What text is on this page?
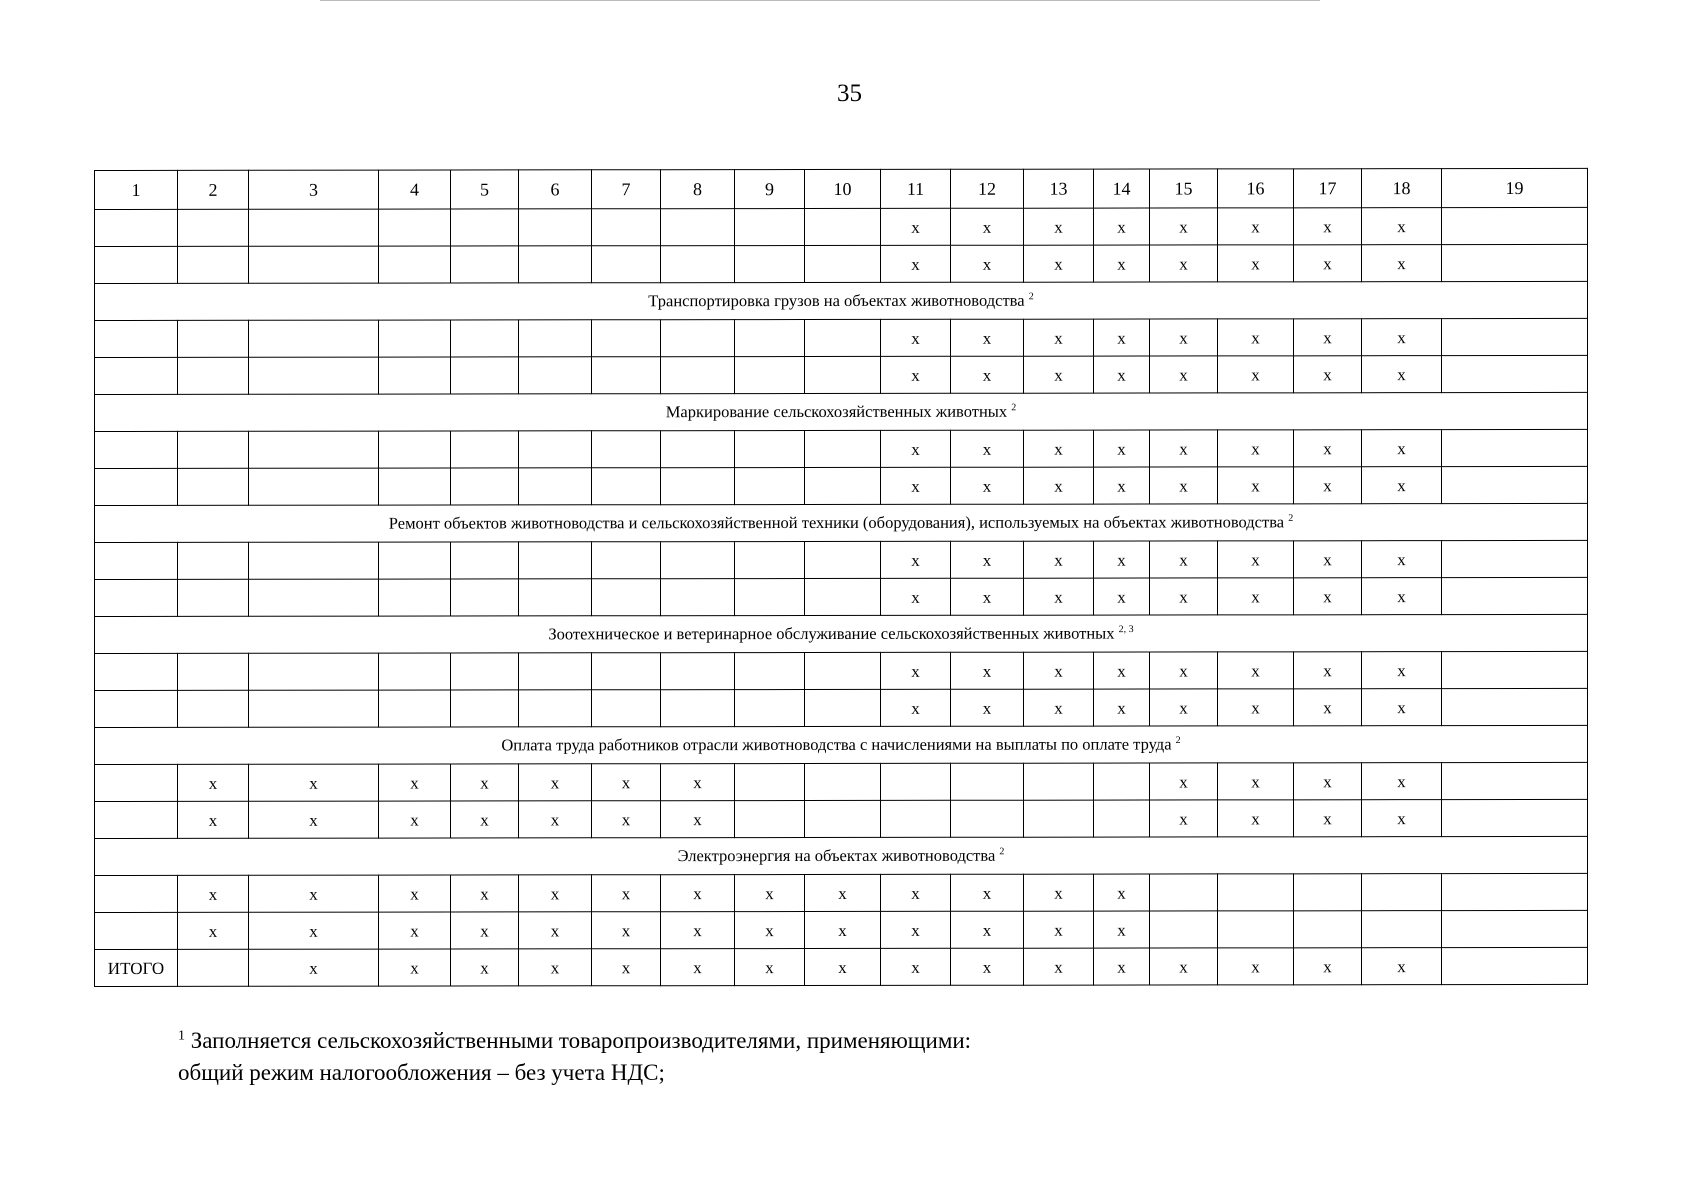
35
1	2	3	4	5	6	7	8	9	10	11	12	13	14	15	16	17	18	19
										x	x	x	x	x	x	x	x	
										x	x	x	x	x	x	x	x	
Транспортировка грузов на объектах животноводства $^2$
										x	x	x	x	x	x	x	x	
										x	x	x	x	x	x	x	x	
Маркирование сельскохозяйственных животных $^2$
										x	x	x	x	x	x	x	x	
										x	x	x	x	x	x	x	x	
Ремонт объектов животноводства и сельскохозяйственной техники (оборудования), используемых на объектах животноводства $^2$
										x	x	x	x	x	x	x	x	
										x	x	x	x	x	x	x	x	
Зоотехническое и ветеринарное обслуживание сельскохозяйственных животных $^{2, 3}$
										x	x	x	x	x	x	x	x	
										x	x	x	x	x	x	x	x	
Оплата труда работников отрасли животноводства с начислениями на выплаты по оплате труда $^2$
	x	x	x	x	x	x	x							x	x	x	x	
	x	x	x	x	x	x	x							x	x	x	x	
Электроэнергия на объектах животноводства $^2$
	x	x	x	x	x	x	x	x	x	x	x	x	x					
	x	x	x	x	x	x	x	x	x	x	x	x	x					
ИТОГО		x	x	x	x	x	x	x	x	x	x	x	x	x	x	x	x	
$^1$ Заполняется сельскохозяйственными товаропроизводителями, применяющими:
общий режим налогообложения – без учета НДС;
